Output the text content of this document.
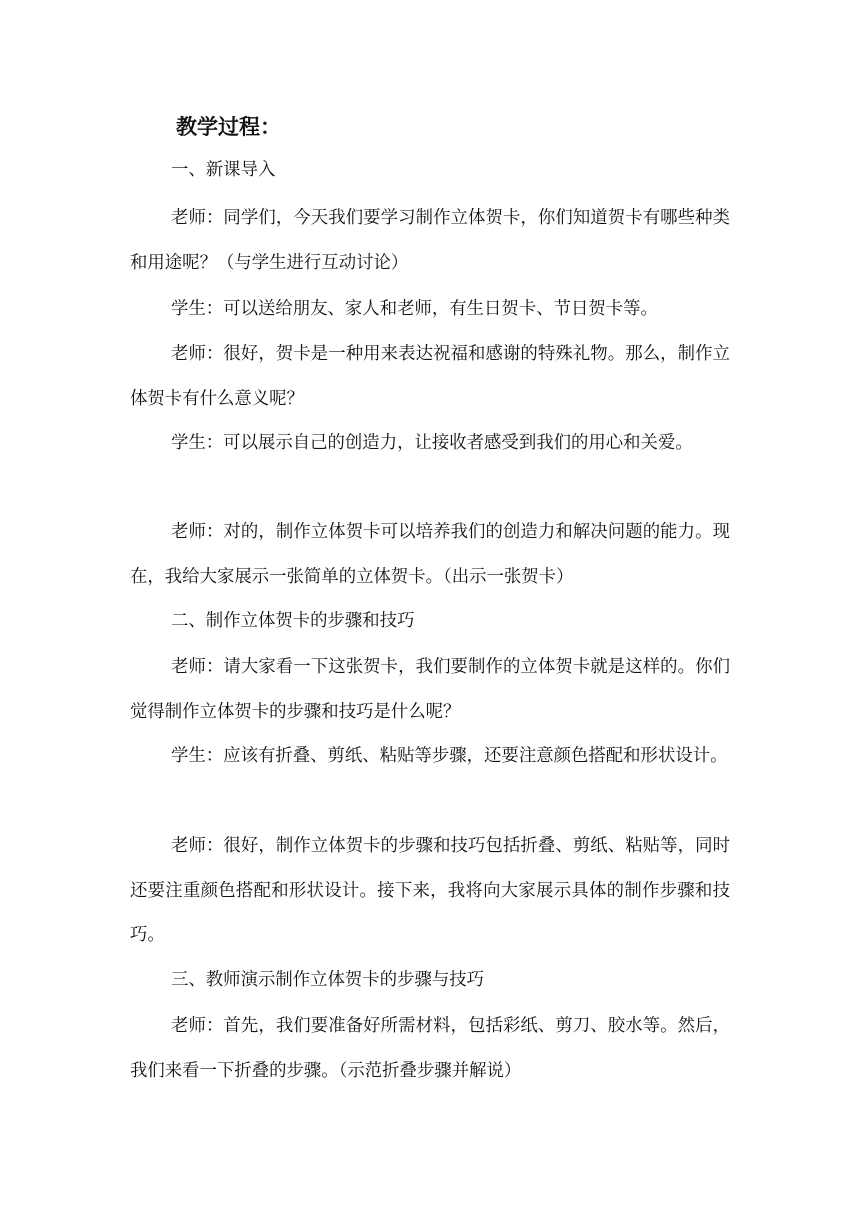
教学过程：

一、新课导入

老师：同学们，今天我们要学习制作立体贺卡，你们知道贺卡有哪些种类和用途呢？（与学生进行互动讨论）

学生：可以送给朋友、家人和老师，有生日贺卡、节日贺卡等。

老师：很好，贺卡是一种用来表达祝福和感谢的特殊礼物。那么，制作立体贺卡有什么意义呢？

学生：可以展示自己的创造力，让接收者感受到我们的用心和关爱。

老师：对的，制作立体贺卡可以培养我们的创造力和解决问题的能力。现在，我给大家展示一张简单的立体贺卡。（出示一张贺卡）

二、制作立体贺卡的步骤和技巧

老师：请大家看一下这张贺卡，我们要制作的立体贺卡就是这样的。你们觉得制作立体贺卡的步骤和技巧是什么呢？

学生：应该有折叠、剪纸、粘贴等步骤，还要注意颜色搭配和形状设计。

老师：很好，制作立体贺卡的步骤和技巧包括折叠、剪纸、粘贴等，同时还要注重颜色搭配和形状设计。接下来，我将向大家展示具体的制作步骤和技巧。

三、教师演示制作立体贺卡的步骤与技巧

老师：首先，我们要准备好所需材料，包括彩纸、剪刀、胶水等。然后，我们来看一下折叠的步骤。（示范折叠步骤并解说）
